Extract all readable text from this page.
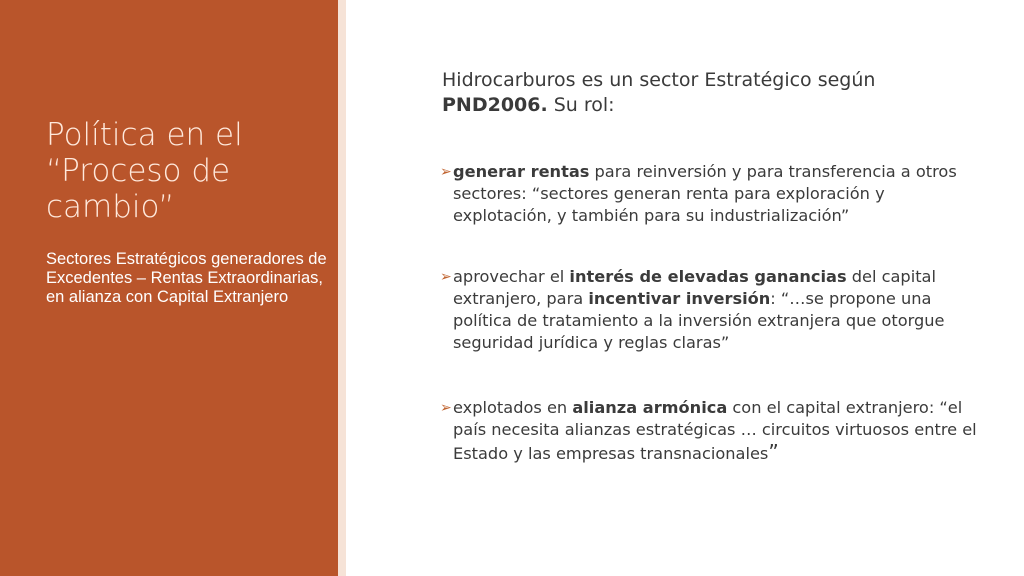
Política en el “Proceso de cambio”

Sectores Estratégicos generadores de Excedentes – Rentas Extraordinarias, en alianza con Capital Extranjero

Hidrocarburos es un sector Estratégico según PND2006. Su rol:
➢ generar rentas para reinversión y para transferencia a otros sectores: “sectores generan renta para exploración y explotación, y también para su industrialización”
➢ aprovechar el interés de elevadas ganancias del capital extranjero, para incentivar inversión: “…se propone una política de tratamiento a la inversión extranjera que otorgue seguridad jurídica y reglas claras”
➢ explotados en alianza armónica con el capital extranjero: “el país necesita alianzas estratégicas … circuitos virtuosos entre el Estado y las empresas transnacionales”
